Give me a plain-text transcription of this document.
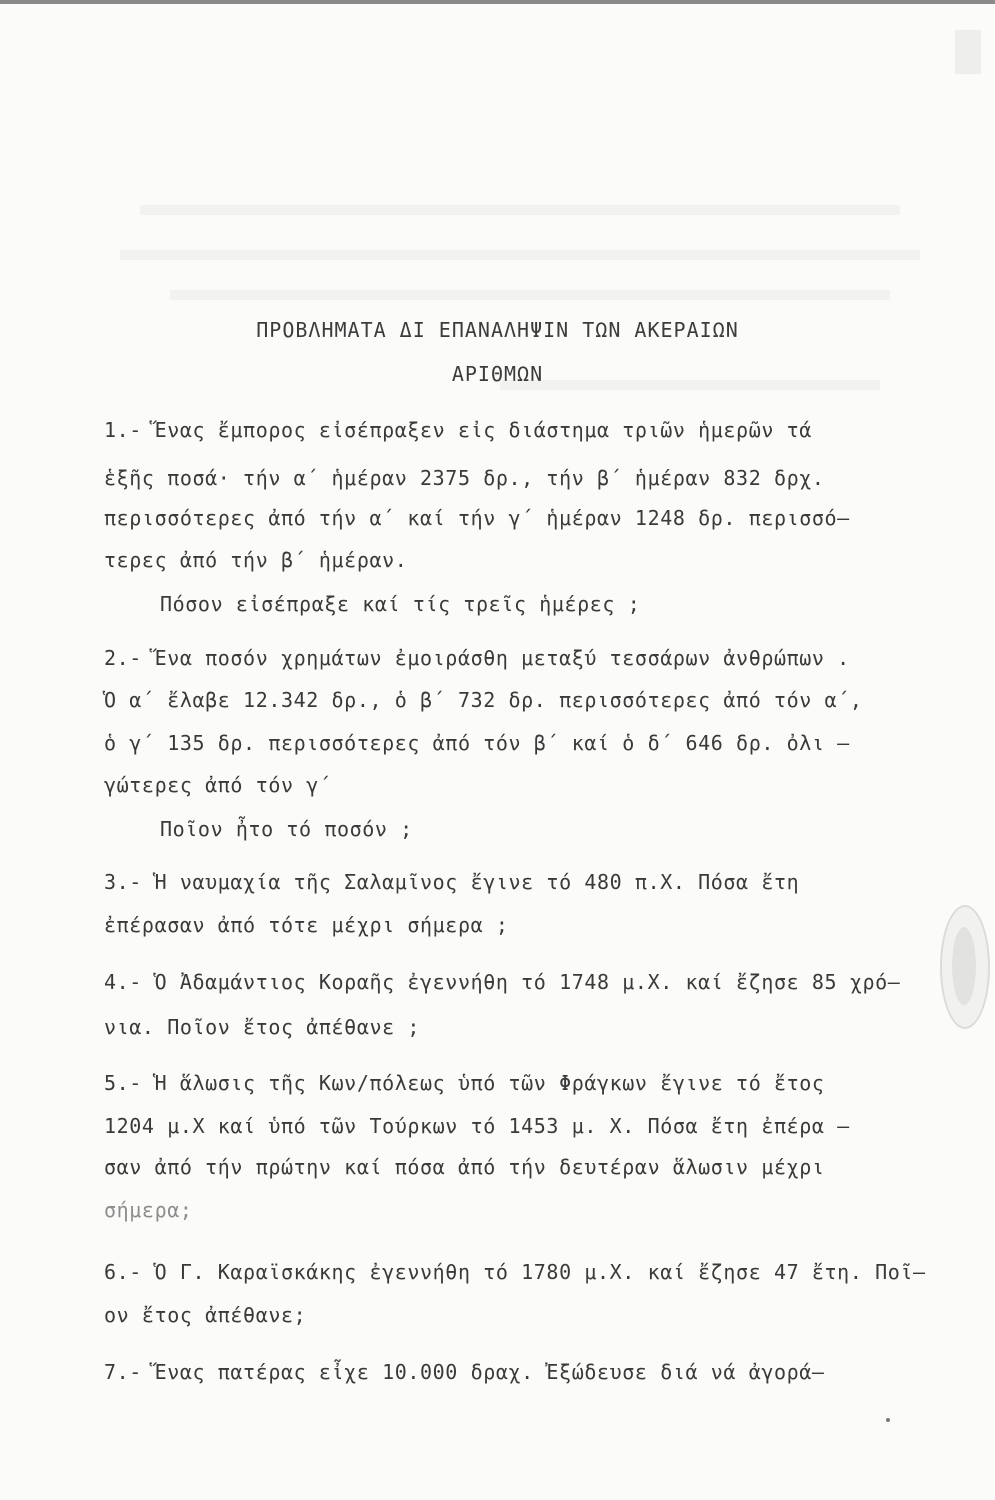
ΠΡΟΒΛΗΜΑΤΑ ΔΙ ΕΠΑΝΑΛΗΨΙΝ ΤΩΝ ΑΚΕΡΑΙΩΝ
ΑΡΙΘΜΩΝ
1.- Ἕνας ἔμπορος εἰσέπραξεν εἰς διάστημα τριῶν ἡμερῶν τά
ἑξῆς ποσά· τήν α΄ ἡμέραν 2375 δρ., τήν β΄ ἡμέραν 832 δρχ.
περισσότερες ἀπό τήν α΄ καί τήν γ΄ ἡμέραν 1248 δρ. περισσό–
τερες ἀπό τήν β΄ ἡμέραν.
Πόσον εἰσέπραξε καί τίς τρεῖς ἡμέρες ;
2.- Ἕνα ποσόν χρημάτων ἐμοιράσθη μεταξύ τεσσάρων ἀνθρώπων .
Ὁ α΄ ἔλαβε 12.342 δρ., ὁ β΄ 732 δρ. περισσότερες ἀπό τόν α΄,
ὁ γ΄ 135 δρ. περισσότερες ἀπό τόν β΄ καί ὁ δ΄ 646 δρ. ὀλι –
γώτερες ἀπό τόν γ΄
Ποῖον ἦτο τό ποσόν ;
3.- Ἡ ναυμαχία τῆς Σαλαμῖνος ἔγινε τό 480 π.Χ. Πόσα ἔτη
ἐπέρασαν ἀπό τότε μέχρι σήμερα ;
4.- Ὁ Ἀδαμάντιος Κοραῆς ἐγεννήθη τό 1748 μ.Χ. καί ἔζησε 85 χρό–
νια. Ποῖον ἔτος ἀπέθανε ;
5.- Ἡ ἅλωσις τῆς Κων/πόλεως ὑπό τῶν Φράγκων ἔγινε τό ἔτος
1204 μ.Χ καί ὑπό τῶν Τούρκων τό 1453 μ. Χ. Πόσα ἔτη ἐπέρα –
σαν ἀπό τήν πρώτην καί πόσα ἀπό τήν δευτέραν ἅλωσιν μέχρι
σήμερα;
6.- Ὁ Γ. Καραϊσκάκης ἐγεννήθη τό 1780 μ.Χ. καί ἔζησε 47 ἔτη. Ποῖ–
ον ἔτος ἀπέθανε;
7.- Ἕνας πατέρας εἶχε 10.000 δραχ. Ἐξώδευσε διά νά ἀγορά–
